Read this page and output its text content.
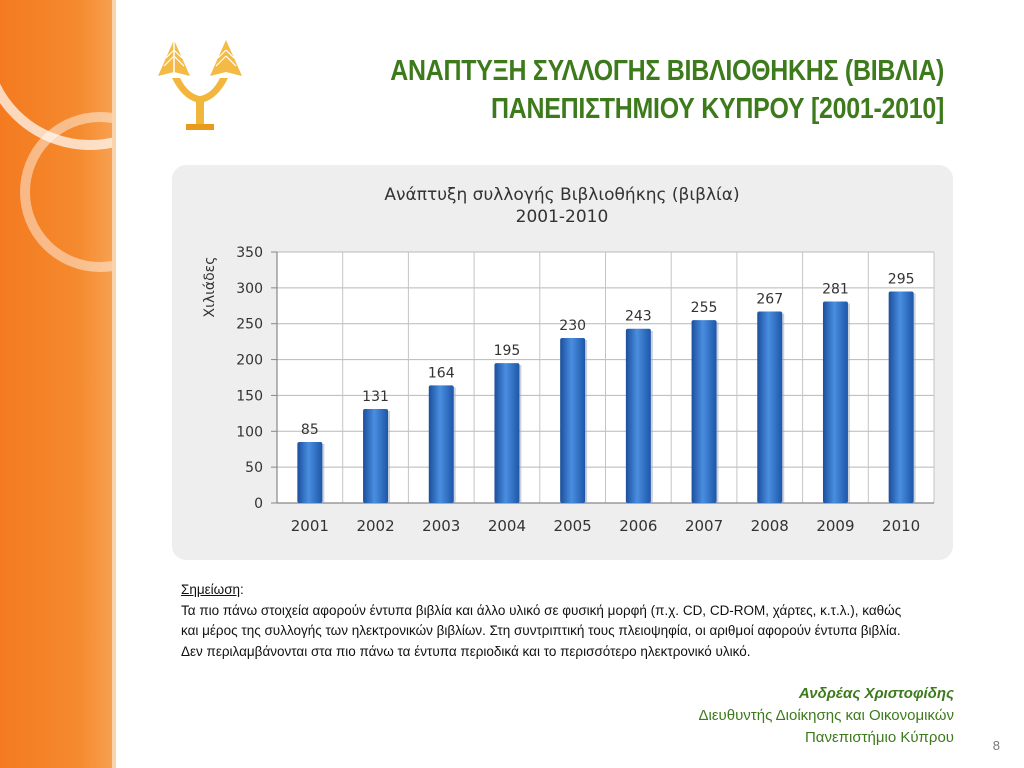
ΑΝΑΠΤΥΞΗ ΣΥΛΛΟΓΗΣ ΒΙΒΛΙΟΘΗΚΗΣ (ΒΙΒΛΙΑ)
ΠΑΝΕΠΙΣΤΗΜΙΟΥ ΚΥΠΡΟΥ [2001-2010]
Ανάπτυξη συλλογής Βιβλιοθήκης (βιβλία)
2001-2010
Χιλιάδες
0
50
100
150
200
250
300
350
85
2001
131
2002
164
2003
195
2004
230
2005
243
2006
255
2007
267
2008
281
2009
295
2010
Σημείωση:
Τα πιο πάνω στοιχεία αφορούν έντυπα βιβλία και άλλο υλικό σε φυσική μορφή (π.χ. CD, CD-ROM, χάρτες, κ.τ.λ.), καθώς
και μέρος της συλλογής των ηλεκτρονικών βιβλίων. Στη συντριπτική τους πλειοψηφία, οι αριθμοί αφορούν έντυπα βιβλία.
Δεν περιλαμβάνονται στα πιο πάνω τα έντυπα περιοδικά και το περισσότερο ηλεκτρονικό υλικό.
Ανδρέας Χριστοφίδης
Διευθυντής Διοίκησης και Οικονομικών
Πανεπιστήμιο Κύπρου	8
